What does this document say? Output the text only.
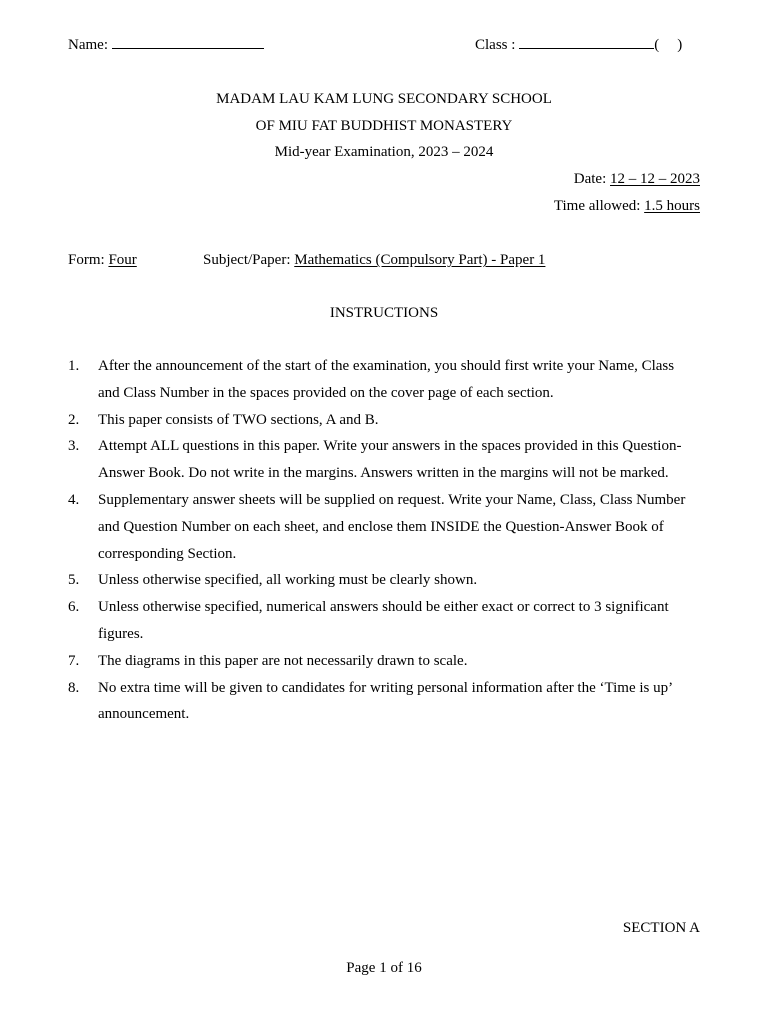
Name:	Class :	( )
MADAM LAU KAM LUNG SECONDARY SCHOOL
OF MIU FAT BUDDHIST MONASTERY
Mid-year Examination, 2023 – 2024
Date: 12 – 12 – 2023
Time allowed: 1.5 hours
Form: Four	Subject/Paper: Mathematics (Compulsory Part) - Paper 1
INSTRUCTIONS
1.	After the announcement of the start of the examination, you should first write your Name, Class and Class Number in the spaces provided on the cover page of each section.
2.	This paper consists of TWO sections, A and B.
3.	Attempt ALL questions in this paper. Write your answers in the spaces provided in this Question-Answer Book. Do not write in the margins. Answers written in the margins will not be marked.
4.	Supplementary answer sheets will be supplied on request. Write your Name, Class, Class Number and Question Number on each sheet, and enclose them INSIDE the Question-Answer Book of corresponding Section.
5.	Unless otherwise specified, all working must be clearly shown.
6.	Unless otherwise specified, numerical answers should be either exact or correct to 3 significant figures.
7.	The diagrams in this paper are not necessarily drawn to scale.
8.	No extra time will be given to candidates for writing personal information after the ‘Time is up’ announcement.
SECTION A
Page 1 of 16
